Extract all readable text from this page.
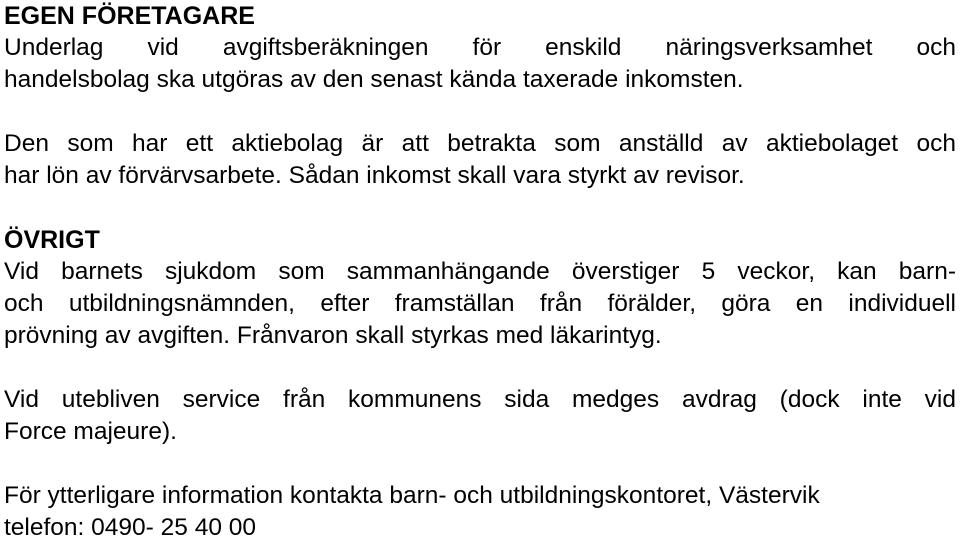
EGEN FÖRETAGARE
Underlag vid avgiftsberäkningen för enskild näringsverksamhet och
handelsbolag ska utgöras av den senast kända taxerade inkomsten.
Den som har ett aktiebolag är att betrakta som anställd av aktiebolaget och
har lön av förvärvsarbete. Sådan inkomst skall vara styrkt av revisor.
ÖVRIGT
Vid barnets sjukdom som sammanhängande överstiger 5 veckor, kan barn-
och utbildningsnämnden, efter framställan från förälder, göra en individuell
prövning av avgiften. Frånvaron skall styrkas med läkarintyg.
Vid utebliven service från kommunens sida medges avdrag (dock inte vid
Force majeure).
För ytterligare information kontakta barn- och utbildningskontoret, Västervik
telefon: 0490- 25 40 00
